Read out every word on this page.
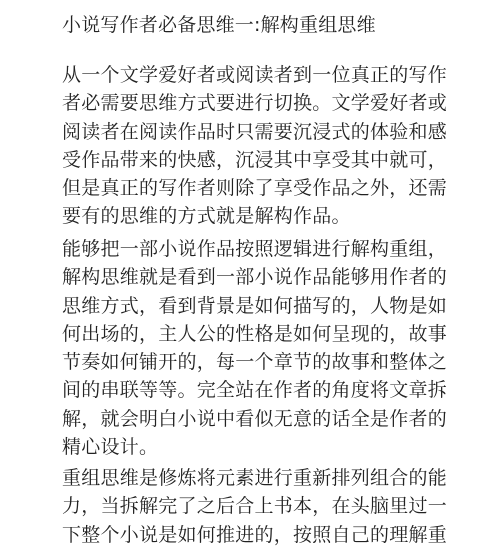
小说写作者必备思维一:解构重组思维

从一个文学爱好者或阅读者到一位真正的写作
者必需要思维方式要进行切换。文学爱好者或
阅读者在阅读作品时只需要沉浸式的体验和感
受作品带来的快感，沉浸其中享受其中就可，
但是真正的写作者则除了享受作品之外，还需
要有的思维的方式就是解构作品。

能够把一部小说作品按照逻辑进行解构重组，
解构思维就是看到一部小说作品能够用作者的
思维方式，看到背景是如何描写的，人物是如
何出场的，主人公的性格是如何呈现的，故事
节奏如何铺开的，每一个章节的故事和整体之
间的串联等等。完全站在作者的角度将文章拆
解，就会明白小说中看似无意的话全是作者的
精心设计。

重组思维是修炼将元素进行重新排列组合的能
力，当拆解完了之后合上书本，在头脑里过一
下整个小说是如何推进的，按照自己的理解重
